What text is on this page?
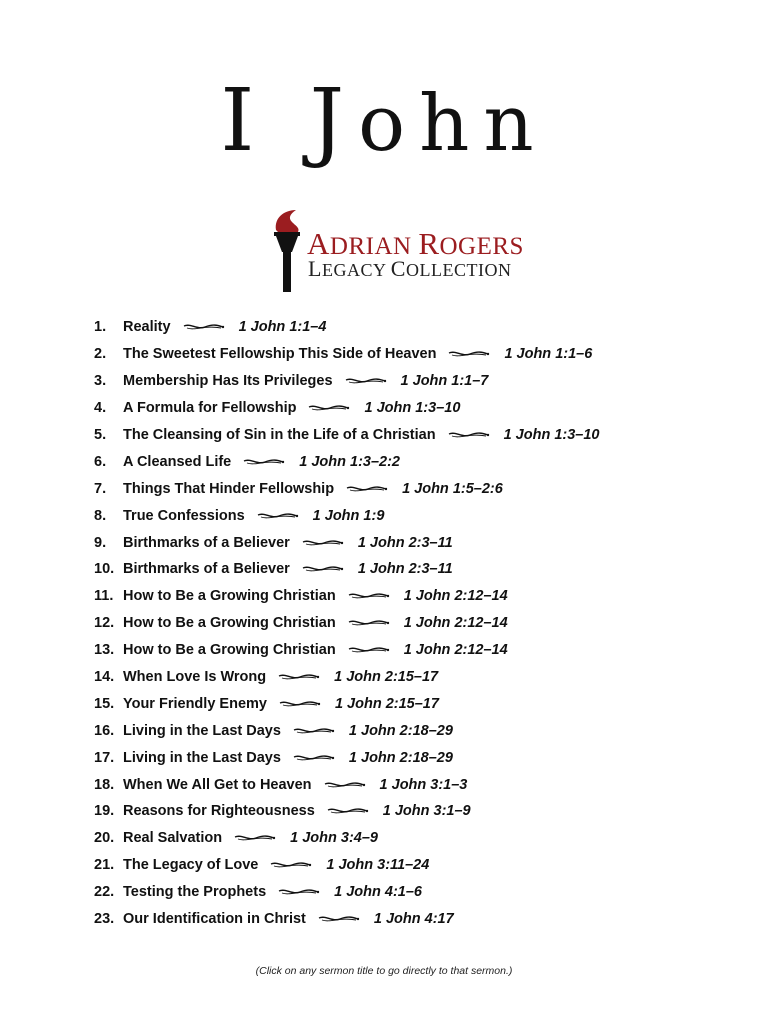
I John
ADRIAN ROGERS
LEGACY COLLECTION
1.	Reality	1 John 1:1–4
2.	The Sweetest Fellowship This Side of Heaven	1 John 1:1–6
3.	Membership Has Its Privileges	1 John 1:1–7
4.	A Formula for Fellowship	1 John 1:3–10
5.	The Cleansing of Sin in the Life of a Christian	1 John 1:3–10
6.	A Cleansed Life	1 John 1:3–2:2
7.	Things That Hinder Fellowship	1 John 1:5–2:6
8.	True Confessions	1 John 1:9
9.	Birthmarks of a Believer	1 John 2:3–11
10. Birthmarks of a Believer	1 John 2:3–11
11. How to Be a Growing Christian	1 John 2:12–14
12. How to Be a Growing Christian	1 John 2:12–14
13. How to Be a Growing Christian	1 John 2:12–14
14. When Love Is Wrong	1 John 2:15–17
15. Your Friendly Enemy	1 John 2:15–17
16. Living in the Last Days	1 John 2:18–29
17. Living in the Last Days	1 John 2:18–29
18. When We All Get to Heaven	1 John 3:1–3
19. Reasons for Righteousness	1 John 3:1–9
20. Real Salvation	1 John 3:4–9
21. The Legacy of Love	1 John 3:11–24
22. Testing the Prophets	1 John 4:1–6
23. Our Identification in Christ	1 John 4:17
(Click on any sermon title to go directly to that sermon.)
